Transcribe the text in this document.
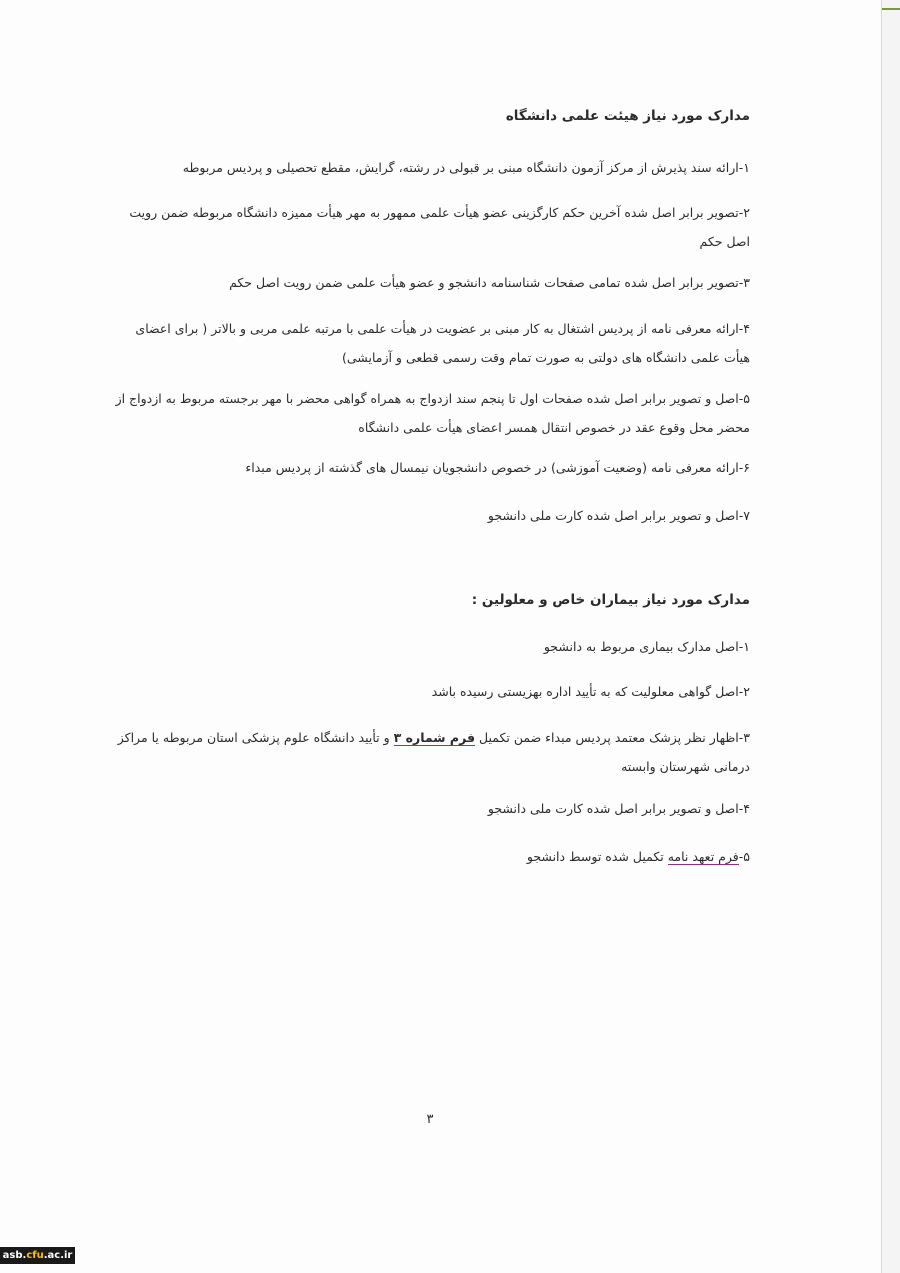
مدارک مورد نیاز هیئت علمی دانشگاه
۱-ارائه سند پذیرش از مرکز آزمون دانشگاه مبنی بر قبولی در رشته، گرایش، مقطع تحصیلی و پردیس مربوطه
۲-تصویر برابر اصل شده آخرین حکم کارگزینی عضو هیأت علمی ممهور به مهر هیأت ممیزه دانشگاه مربوطه ضمن رویت اصل حکم
۳-تصویر برابر اصل شده تمامی صفحات شناسنامه دانشجو و عضو هیأت علمی ضمن رویت اصل حکم
۴-ارائه معرفی نامه از پردیس اشتغال به کار مبنی بر عضویت در هیأت علمی با مرتبه علمی مربی و بالاتر ( برای اعضای هیأت علمی دانشگاه های دولتی به صورت تمام وقت رسمی قطعی و آزمایشی)
۵-اصل و تصویر برابر اصل شده صفحات اول تا پنجم سند ازدواج به همراه گواهی محضر با مهر برجسته مربوط به ازدواج از محضر محل وقوع عقد در خصوص انتقال همسر اعضای هیأت علمی دانشگاه
۶-ارائه معرفی نامه (وضعیت آموزشی) در خصوص دانشجویان نیمسال های گذشته از پردیس مبداء
۷-اصل و تصویر برابر اصل شده کارت ملی دانشجو
مدارک مورد نیاز بیماران خاص و معلولین :
۱-اصل مدارک بیماری مربوط به دانشجو
۲-اصل گواهی معلولیت که به تأیید اداره بهزیستی رسیده باشد
۳-اظهار نظر پزشک معتمد پردیس مبداء ضمن تکمیل فرم شماره ۳ و تأیید دانشگاه علوم پزشکی استان مربوطه یا مراکز درمانی شهرستان وابسته
۴-اصل و تصویر برابر اصل شده کارت ملی دانشجو
۵-فرم تعهد نامه تکمیل شده توسط دانشجو
۳
asb.cfu.ac.ir
